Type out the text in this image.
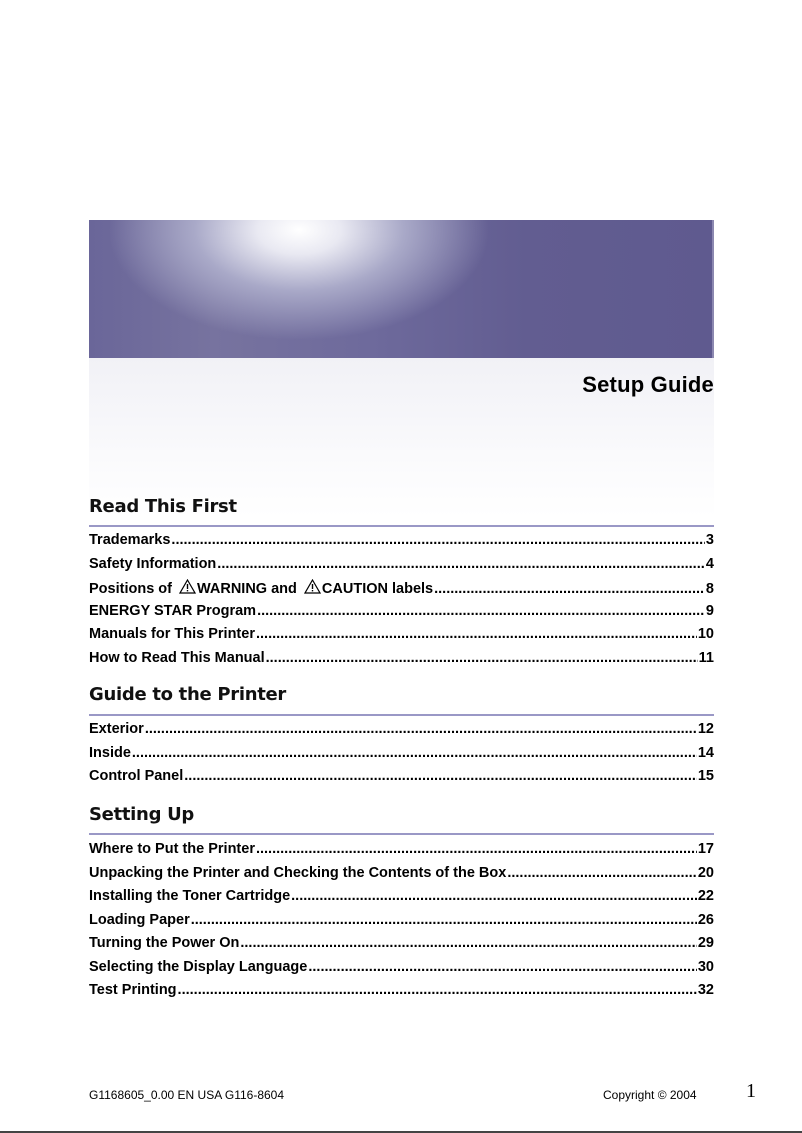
Setup Guide
Read This First
Trademarks .....	3
Safety Information .....	4
Positions of WARNING and CAUTION labels .....	8
ENERGY STAR Program .....	9
Manuals for This Printer .....	10
How to Read This Manual .....	11
Guide to the Printer
Exterior .....	12
Inside .....	14
Control Panel .....	15
Setting Up
Where to Put the Printer .....	17
Unpacking the Printer and Checking the Contents of the Box .....	20
Installing the Toner Cartridge .....	22
Loading Paper .....	26
Turning the Power On .....	29
Selecting the Display Language .....	30
Test Printing .....	32
G1168605_0.00 EN USA G116-8604	Copyright © 2004 1
